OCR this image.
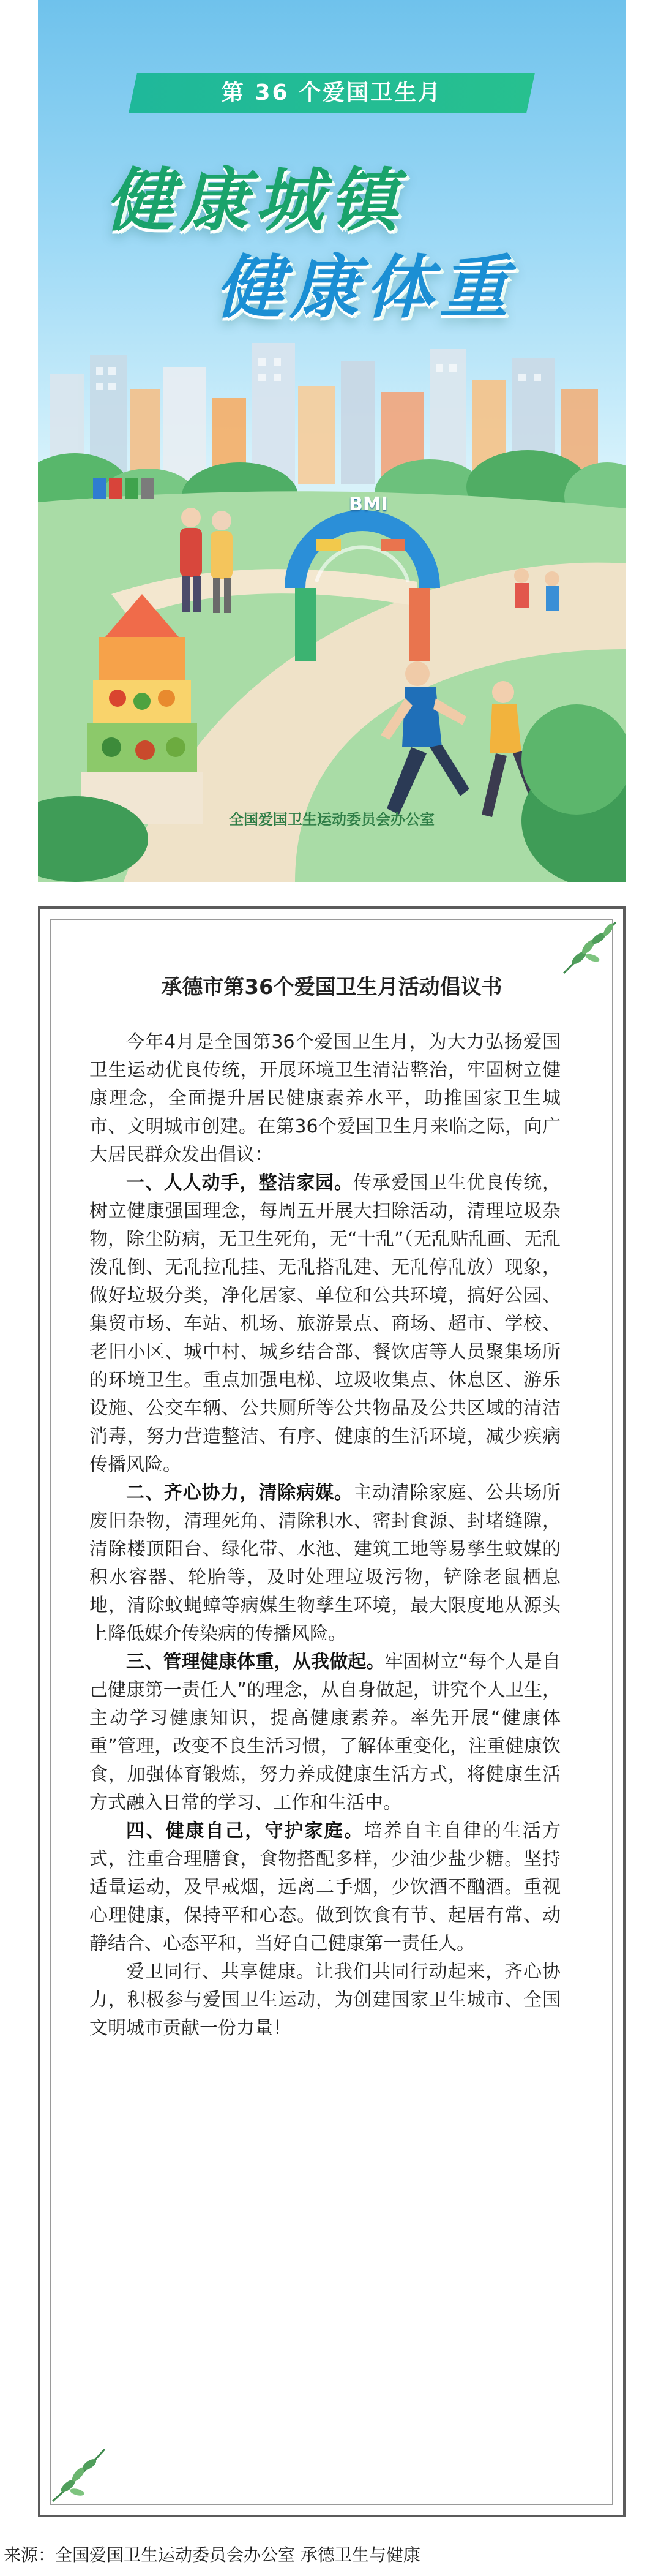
第 36 个爱国卫生月
健康城镇
健康体重
BMI
全国爱国卫生运动委员会办公室
承德市第36个爱国卫生月活动倡议书

今年4月是全国第36个爱国卫生月，为大力弘扬爱国卫生运动优良传统，开展环境卫生清洁整治，牢固树立健康理念，全面提升居民健康素养水平，助推国家卫生城市、文明城市创建。在第36个爱国卫生月来临之际，向广大居民群众发出倡议：

一、人人动手，整洁家园。传承爱国卫生优良传统，树立健康强国理念，每周五开展大扫除活动，清理垃圾杂物，除尘防病，无卫生死角，无“十乱”（无乱贴乱画、无乱泼乱倒、无乱拉乱挂、无乱搭乱建、无乱停乱放）现象，做好垃圾分类，净化居家、单位和公共环境，搞好公园、集贸市场、车站、机场、旅游景点、商场、超市、学校、老旧小区、城中村、城乡结合部、餐饮店等人员聚集场所的环境卫生。重点加强电梯、垃圾收集点、休息区、游乐设施、公交车辆、公共厕所等公共物品及公共区域的清洁消毒，努力营造整洁、有序、健康的生活环境，减少疾病传播风险。

二、齐心协力，清除病媒。主动清除家庭、公共场所废旧杂物，清理死角、清除积水、密封食源、封堵缝隙，清除楼顶阳台、绿化带、水池、建筑工地等易孳生蚊媒的积水容器、轮胎等，及时处理垃圾污物，铲除老鼠栖息地，清除蚊蝇蟑等病媒生物孳生环境，最大限度地从源头上降低媒介传染病的传播风险。

三、管理健康体重，从我做起。牢固树立“每个人是自己健康第一责任人”的理念，从自身做起，讲究个人卫生，主动学习健康知识，提高健康素养。率先开展“健康体重”管理，改变不良生活习惯，了解体重变化，注重健康饮食，加强体育锻炼，努力养成健康生活方式，将健康生活方式融入日常的学习、工作和生活中。

四、健康自己，守护家庭。培养自主自律的生活方式，注重合理膳食，食物搭配多样，少油少盐少糖。坚持适量运动，及早戒烟，远离二手烟，少饮酒不酗酒。重视心理健康，保持平和心态。做到饮食有节、起居有常、动静结合、心态平和，当好自己健康第一责任人。

爱卫同行、共享健康。让我们共同行动起来，齐心协力，积极参与爱国卫生运动，为创建国家卫生城市、全国文明城市贡献一份力量！

来源：全国爱国卫生运动委员会办公室 承德卫生与健康
